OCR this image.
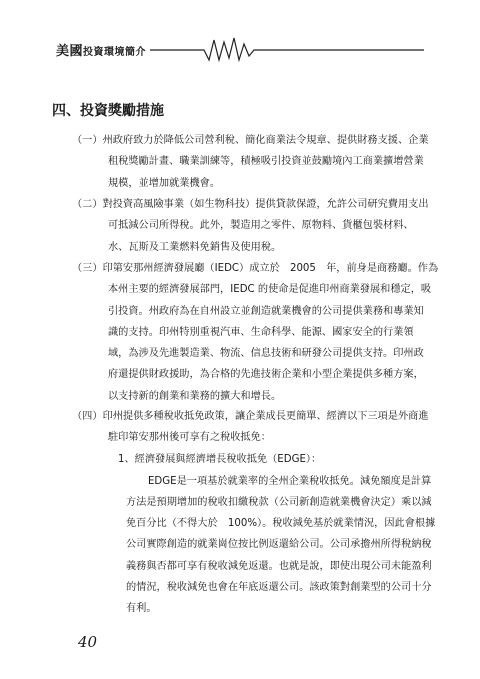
美國投資環境簡介
四、投資獎勵措施
（一）州政府致力於降低公司營利稅、簡化商業法令規章、提供財務支援、企業
租稅獎勵計畫、職業訓練等，積極吸引投資並鼓勵境內工商業擴增營業
規模，並增加就業機會。
（二）對投資高風險事業（如生物科技）提供貸款保證，允許公司研究費用支出
可抵減公司所得稅。此外，製造用之零件、原物料、貨櫃包裝材料、
水、瓦斯及工業燃料免銷售及使用稅。
（三）印第安那州經濟發展廳（IEDC）成立於　2005　年，前身是商務廳。作為
本州主要的經濟發展部門，IEDC 的使命是促進印州商業發展和穩定，吸
引投資。州政府為在自州設立並創造就業機會的公司提供業務和專業知
識的支持。印州特別重視汽車、生命科學、能源、國家安全的行業領
域，為涉及先進製造業、物流、信息技術和研發公司提供支持。印州政
府還提供財政援助，為合格的先進技術企業和小型企業提供多種方案，
以支持新的創業和業務的擴大和增長。
（四）印州提供多種稅收抵免政策，讓企業成長更簡單、經濟以下三項是外商進
駐印第安那州後可享有之稅收抵免：
1、經濟發展與經濟增長稅收抵免（EDGE）：
EDGE是一項基於就業率的全州企業稅收抵免。減免額度是計算
方法是預期增加的稅收扣繳稅款（公司新創造就業機會決定）乘以減
免百分比（不得大於　100%）。稅收減免基於就業情況，因此會根據
公司實際創造的就業崗位按比例返還給公司。公司承擔州所得稅納稅
義務與否都可享有稅收減免返還。也就是說，即使出現公司未能盈利
的情況，稅收減免也會在年底返還公司。該政策對創業型的公司十分
有利。
40
